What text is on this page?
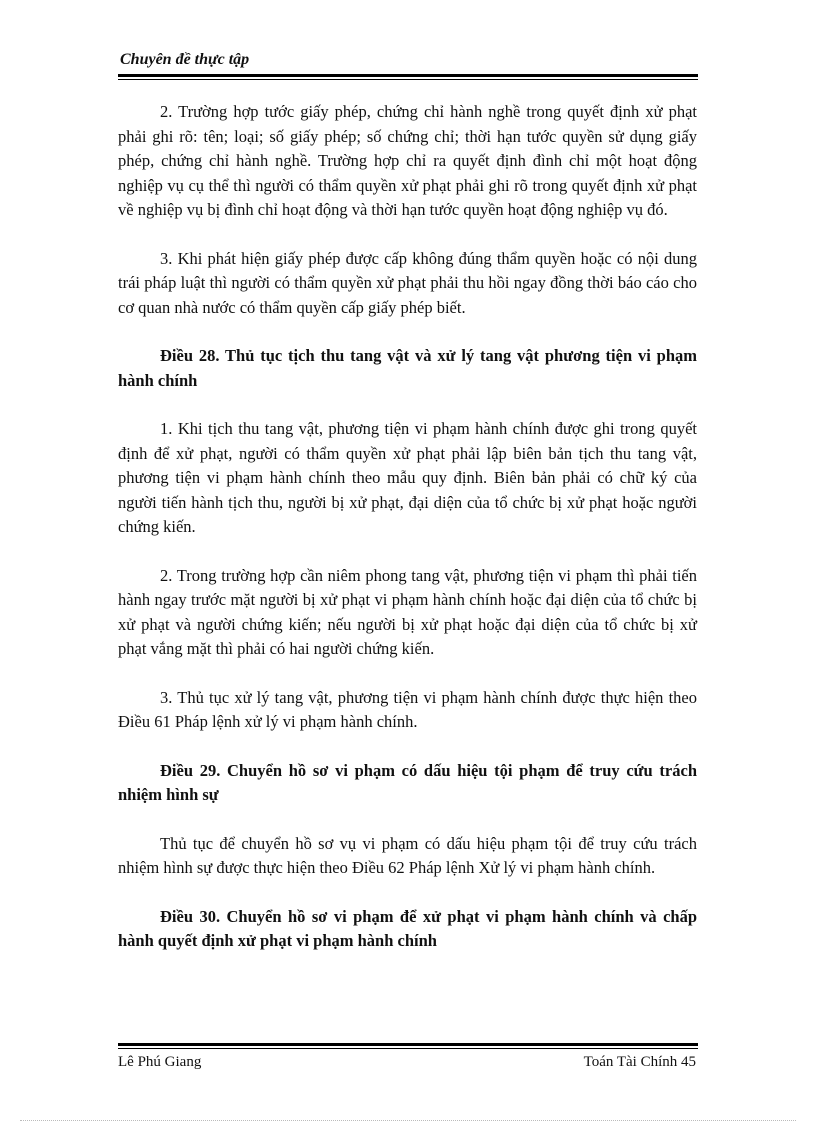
Chuyên đề thực tập

2. Trường hợp tước giấy phép, chứng chỉ hành nghề trong quyết định xử phạt phải ghi rõ: tên; loại; số giấy phép; số chứng chỉ; thời hạn tước quyền sử dụng giấy phép, chứng chỉ hành nghề. Trường hợp chỉ ra quyết định đình chỉ một hoạt động nghiệp vụ cụ thể thì người có thẩm quyền xử phạt phải ghi rõ trong quyết định xử phạt về nghiệp vụ bị đình chỉ hoạt động và thời hạn tước quyền hoạt động nghiệp vụ đó.

3. Khi phát hiện giấy phép được cấp không đúng thẩm quyền hoặc có nội dung trái pháp luật thì người có thẩm quyền xử phạt phải thu hồi ngay đồng thời báo cáo cho cơ quan nhà nước có thẩm quyền cấp giấy phép biết.

Điều 28. Thủ tục tịch thu tang vật và xử lý tang vật phương tiện vi phạm hành chính

1. Khi tịch thu tang vật, phương tiện vi phạm hành chính được ghi trong quyết định để xử phạt, người có thẩm quyền xử phạt phải lập biên bản tịch thu tang vật, phương tiện vi phạm hành chính theo mẫu quy định. Biên bản phải có chữ ký của người tiến hành tịch thu, người bị xử phạt, đại diện của tổ chức bị xử phạt hoặc người chứng kiến.

2. Trong trường hợp cần niêm phong tang vật, phương tiện vi phạm thì phải tiến hành ngay trước mặt người bị xử phạt vi phạm hành chính hoặc đại diện của tổ chức bị xử phạt và người chứng kiến; nếu người bị xử phạt hoặc đại diện của tổ chức bị xử phạt vắng mặt thì phải có hai người chứng kiến.

3. Thủ tục xử lý tang vật, phương tiện vi phạm hành chính được thực hiện theo Điều 61 Pháp lệnh xử lý vi phạm hành chính.

Điều 29. Chuyển hồ sơ vi phạm có dấu hiệu tội phạm để truy cứu trách nhiệm hình sự

Thủ tục để chuyển hồ sơ vụ vi phạm có dấu hiệu phạm tội để truy cứu trách nhiệm hình sự được thực hiện theo Điều 62 Pháp lệnh Xử lý vi phạm hành chính.

Điều 30. Chuyển hồ sơ vi phạm để xử phạt vi phạm hành chính và chấp hành quyết định xử phạt vi phạm hành chính

Lê Phú Giang	Toán Tài Chính 45
